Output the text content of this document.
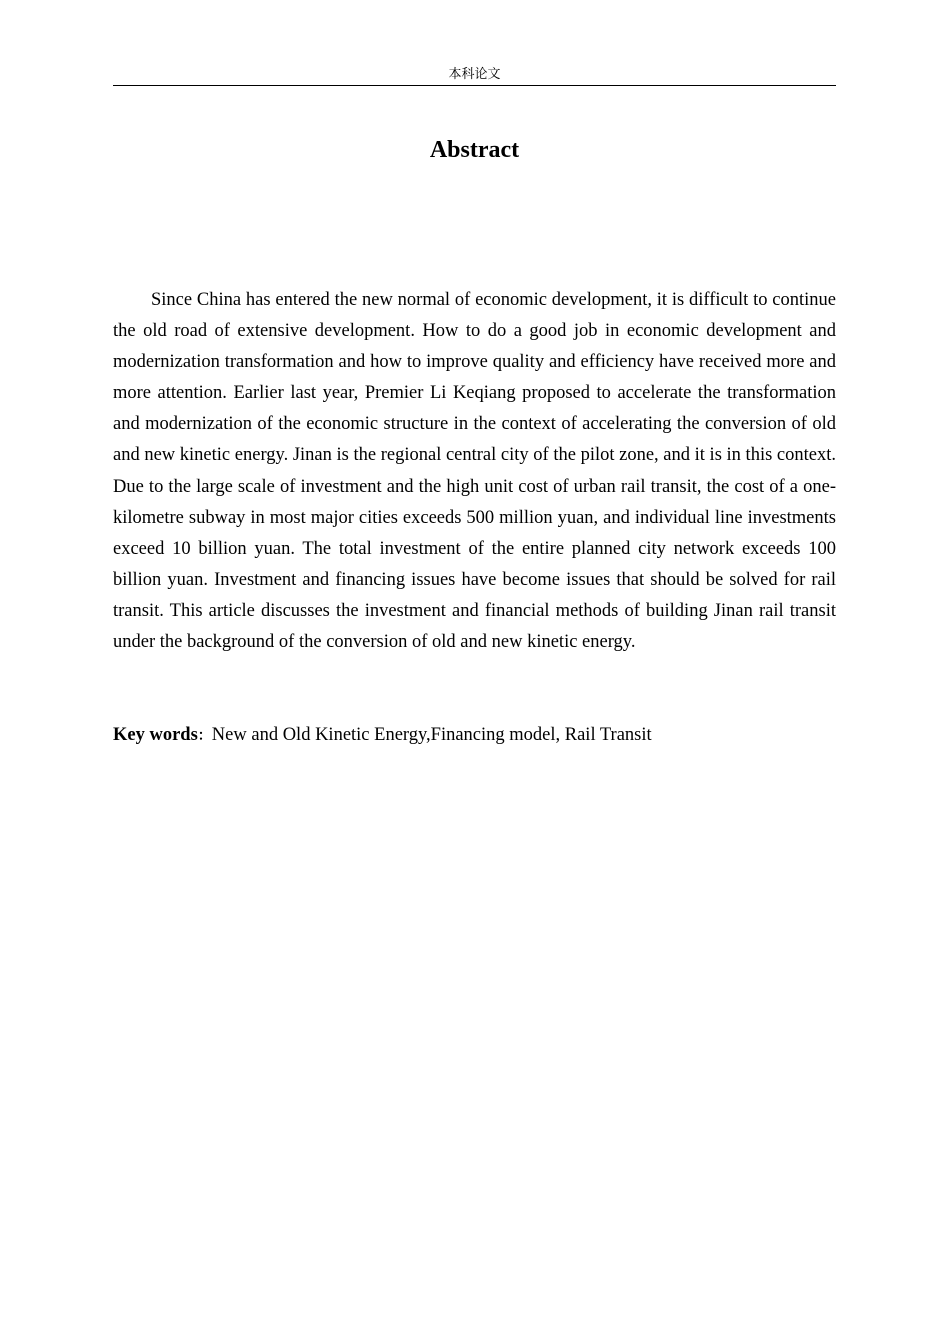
本科论文
Abstract

Since China has entered the new normal of economic development, it is difficult to continue the old road of extensive development. How to do a good job in economic development and modernization transformation and how to improve quality and efficiency have received more and more attention. Earlier last year, Premier Li Keqiang proposed to accelerate the transformation and modernization of the economic structure in the context of accelerating the conversion of old and new kinetic energy. Jinan is the regional central city of the pilot zone, and it is in this context. Due to the large scale of investment and the high unit cost of urban rail transit, the cost of a one-kilometre subway in most major cities exceeds 500 million yuan, and individual line investments exceed 10 billion yuan. The total investment of the entire planned city network exceeds 100 billion yuan. Investment and financing issues have become issues that should be solved for rail transit. This article discusses the investment and financial methods of building Jinan rail transit under the background of the conversion of old and new kinetic energy.

Key words：New and Old Kinetic Energy,Financing model, Rail Transit
